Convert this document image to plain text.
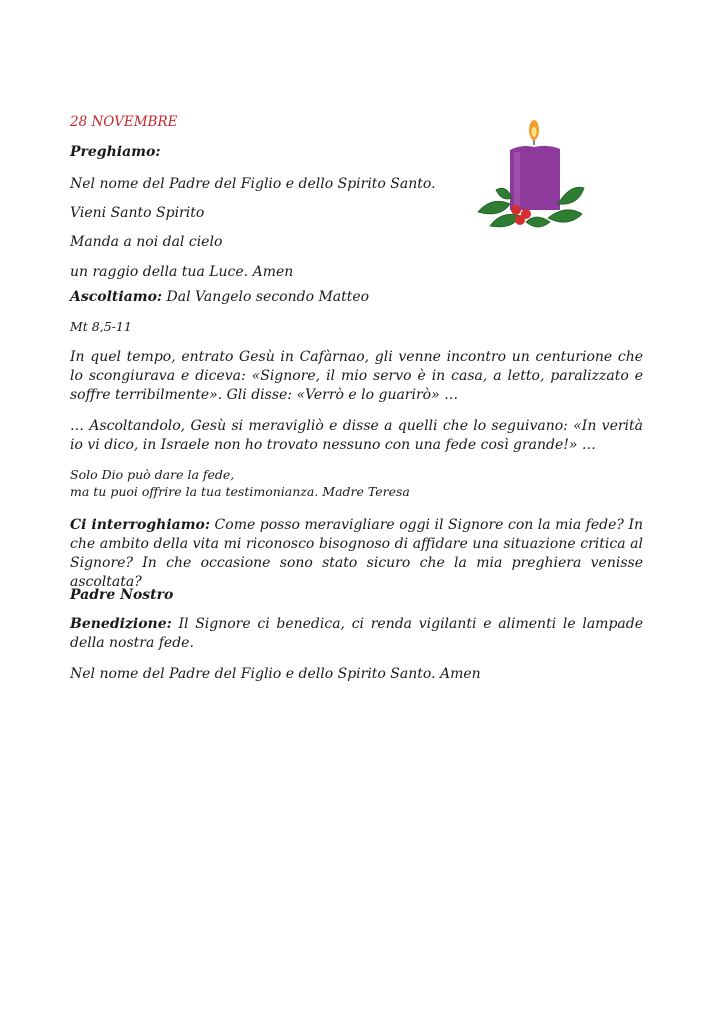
28 NOVEMBRE
Preghiamo:
Nel nome del Padre del Figlio e dello Spirito Santo.
Vieni Santo Spirito
Manda a noi dal cielo
un raggio della tua Luce. Amen
Ascoltiamo: Dal Vangelo secondo Matteo
Mt 8,5-11
In quel tempo, entrato Gesù in Cafàrnao, gli venne incontro un centurione che lo scongiurava e diceva: «Signore, il mio servo è in casa, a letto, paralizzato e soffre terribilmente». Gli disse: «Verrò e lo guarirò» …
… Ascoltandolo, Gesù si meravigliò e disse a quelli che lo seguivano: «In verità io vi dico, in Israele non ho trovato nessuno con una fede così grande!» …
Solo Dio può dare la fede,
ma tu puoi offrire la tua testimonianza. Madre Teresa
Ci interroghiamo: Come posso meravigliare oggi il Signore con la mia fede? In che ambito della vita mi riconosco bisognoso di affidare una situazione critica al Signore? In che occasione sono stato sicuro che la mia preghiera venisse ascoltata?
Padre Nostro
Benedizione: Il Signore ci benedica, ci renda vigilanti e alimenti le lampade della nostra fede.
Nel nome del Padre del Figlio e dello Spirito Santo. Amen
